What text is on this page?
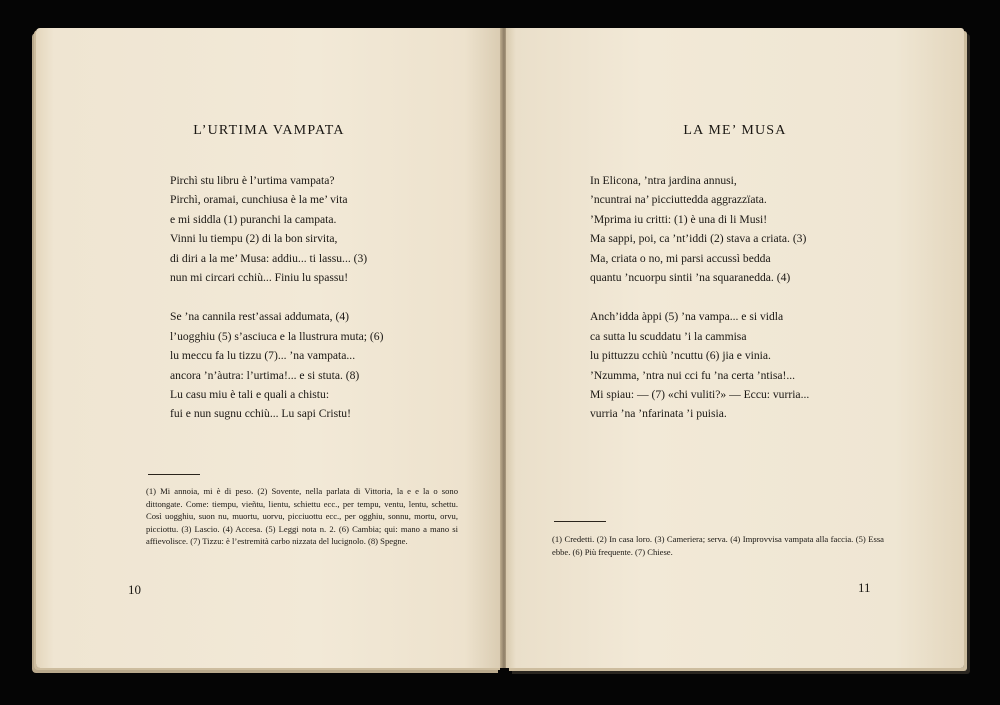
L’URTIMA VAMPATA
Pirchì stu libru è l’urtima vampata?
Pirchì, oramai, cunchiusa è la me’ vita
e mi siddla (1) puranchi la campata.
Vinni lu tiempu (2) di la bon sirvita,
di diri a la me’ Musa: addiu... ti lassu... (3)
nun mi circari cchiù... Finiu lu spassu!
Se ’na cannila rest’assai addumata, (4)
l’uogghiu (5) s’asciuca e la llustrura muta; (6)
lu meccu fa lu tizzu (7)... ’na vampata...
ancora ’n’àutra: l’urtima!... e si stuta. (8)
Lu casu miu è tali e quali a chistu:
fui e nun sugnu cchiù... Lu sapi Cristu!
(1) Mi annoia, mi è di peso. (2) Sovente, nella parlata di Vittoria, la e e la o sono dittongate. Come: tiempu, vieñtu, lientu, schiettu ecc., per tempu, ventu, lentu, schettu. Così uogghiu, suon nu, muortu, uorvu, picciuottu ecc., per ogghiu, sonnu, mortu, orvu, picciottu. (3) Lascio. (4) Accesa. (5) Leggi nota n. 2. (6) Cambia; qui: mano a mano si affievolisce. (7) Tizzu: è l’estremità carbo nizzata del lucignolo. (8) Spegne.
10
LA ME’ MUSA
In Elicona, ’ntra jardina annusi,
’ncuntrai na’ picciuttedda aggrazzïata.
’Mprima iu critti: (1) è una di li Musi!
Ma sappi, poi, ca ’nt’iddi (2) stava a criata. (3)
Ma, criata o no, mi parsi accussì bedda
quantu ’ncuorpu sintii ’na squaranedda. (4)
Anch’idda àppi (5) ’na vampa... e si vidla
ca sutta lu scuddatu ’i la cammisa
lu pittuzzu cchiù ’ncuttu (6) jia e vinia.
’Nzumma, ’ntra nui cci fu ’na certa ’ntisa!...
Mi spiau: — (7) «chi vuliti?» — Eccu: vurria...
vurria ’na ’nfarinata ’i puisia.
(1) Credetti. (2) In casa loro. (3) Cameriera; serva. (4) Improvvisa vampata alla faccia. (5) Essa ebbe. (6) Più frequente. (7) Chiese.
11
